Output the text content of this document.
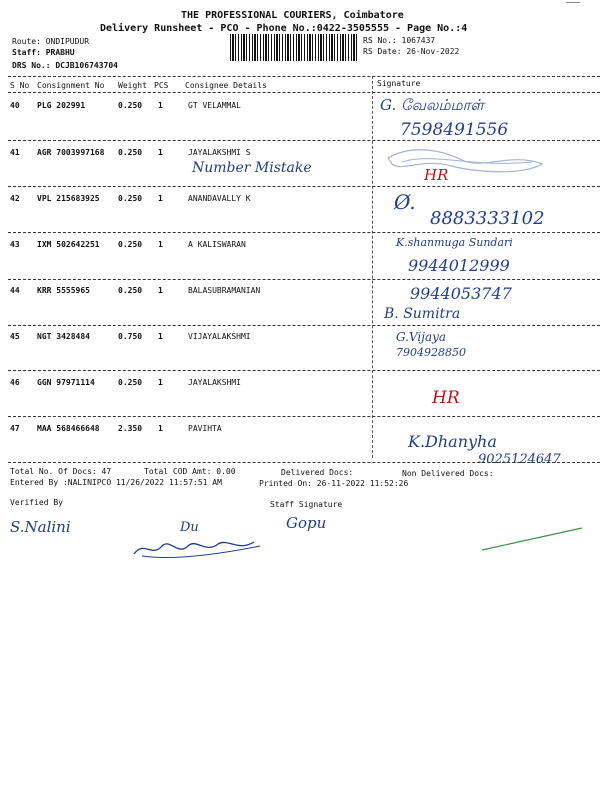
THE PROFESSIONAL COURIERS, Coimbatore
Delivery Runsheet - PCO - Phone No.:0422-3505555 - Page No.:4
Route: ONDIPUDUR
Staff: PRABHU
DRS No.: DCJB106743704
RS No.: 1067437
RS Date: 26-Nov-2022
S No Consignment No Weight PCS Consignee Details	Signature
40 PLG 202991	0.250 1	GT VELAMMAL	G. வேலம்மாள்
7598491556
41 AGR 7003997168 0.250 1	JAYALAKSHMI S
Number Mistake	HR
42 VPL 215683925 0.250 1	ANANDAVALLY K	Ø.
8883333102
43 IXM 502642251 0.250 1	A KALISWARAN	K.shanmuga Sundari
9944012999
44 KRR 5555965	0.250 1	BALASUBRAMANIAN	9944053747
B. Sumitra
45 NGT 3428484	0.750 1	VIJAYALAKSHMI	G.Vijaya
7904928850
46 GGN 97971114	0.250 1	JAYALAKSHMI
HR
47 MAA 568466648 2.350 1	PAVIHTA
K.Dhanyha
9025124647
Total No. Of Docs: 47	Total COD Amt: 0.00	Delivered Docs:	Non Delivered Docs:
Entered By :NALINIPCO 11/26/2022 11:57:51 AM	Printed On: 26-11-2022 11:52:26
Verified By	Staff Signature
S.Nalini	Du	Gopu
